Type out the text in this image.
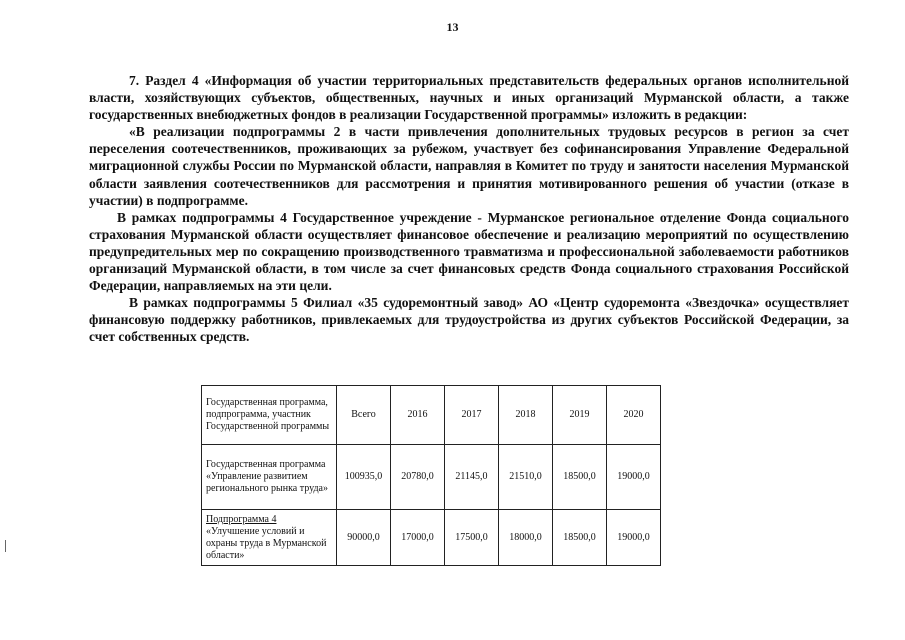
13

7. Раздел 4 «Информация об участии территориальных представительств федеральных органов исполнительной власти, хозяйствующих субъектов, общественных, научных и иных организаций Мурманской области, а также государственных внебюджетных фондов в реализации Государственной программы» изложить в редакции:

«В реализации подпрограммы 2 в части привлечения дополнительных трудовых ресурсов в регион за счет переселения соотечественников, проживающих за рубежом, участвует без софинансирования Управление Федеральной миграционной службы России по Мурманской области, направляя в Комитет по труду и занятости населения Мурманской области заявления соотечественников для рассмотрения и принятия мотивированного решения об участии (отказе в участии) в подпрограмме.

В рамках подпрограммы 4 Государственное учреждение - Мурманское региональное отделение Фонда социального страхования Мурманской области осуществляет финансовое обеспечение и реализацию мероприятий по осуществлению предупредительных мер по сокращению производственного травматизма и профессиональной заболеваемости работников организаций Мурманской области, в том числе за счет финансовых средств Фонда социального страхования Российской Федерации, направляемых на эти цели.

В рамках подпрограммы 5 Филиал «35 судоремонтный завод» АО «Центр судоремонта «Звездочка» осуществляет финансовую поддержку работников, привлекаемых для трудоустройства из других субъектов Российской Федерации, за счет собственных средств.

Государственная программа, подпрограмма, участник Государственной программы	Всего	2016	2017	2018	2019	2020
Государственная программа «Управление развитием регионального рынка труда»	100935,0	20780,0	21145,0	21510,0	18500,0	19000,0
Подпрограмма 4
«Улучшение условий и охраны труда в Мурманской области»	90000,0	17000,0	17500,0	18000,0	18500,0	19000,0
